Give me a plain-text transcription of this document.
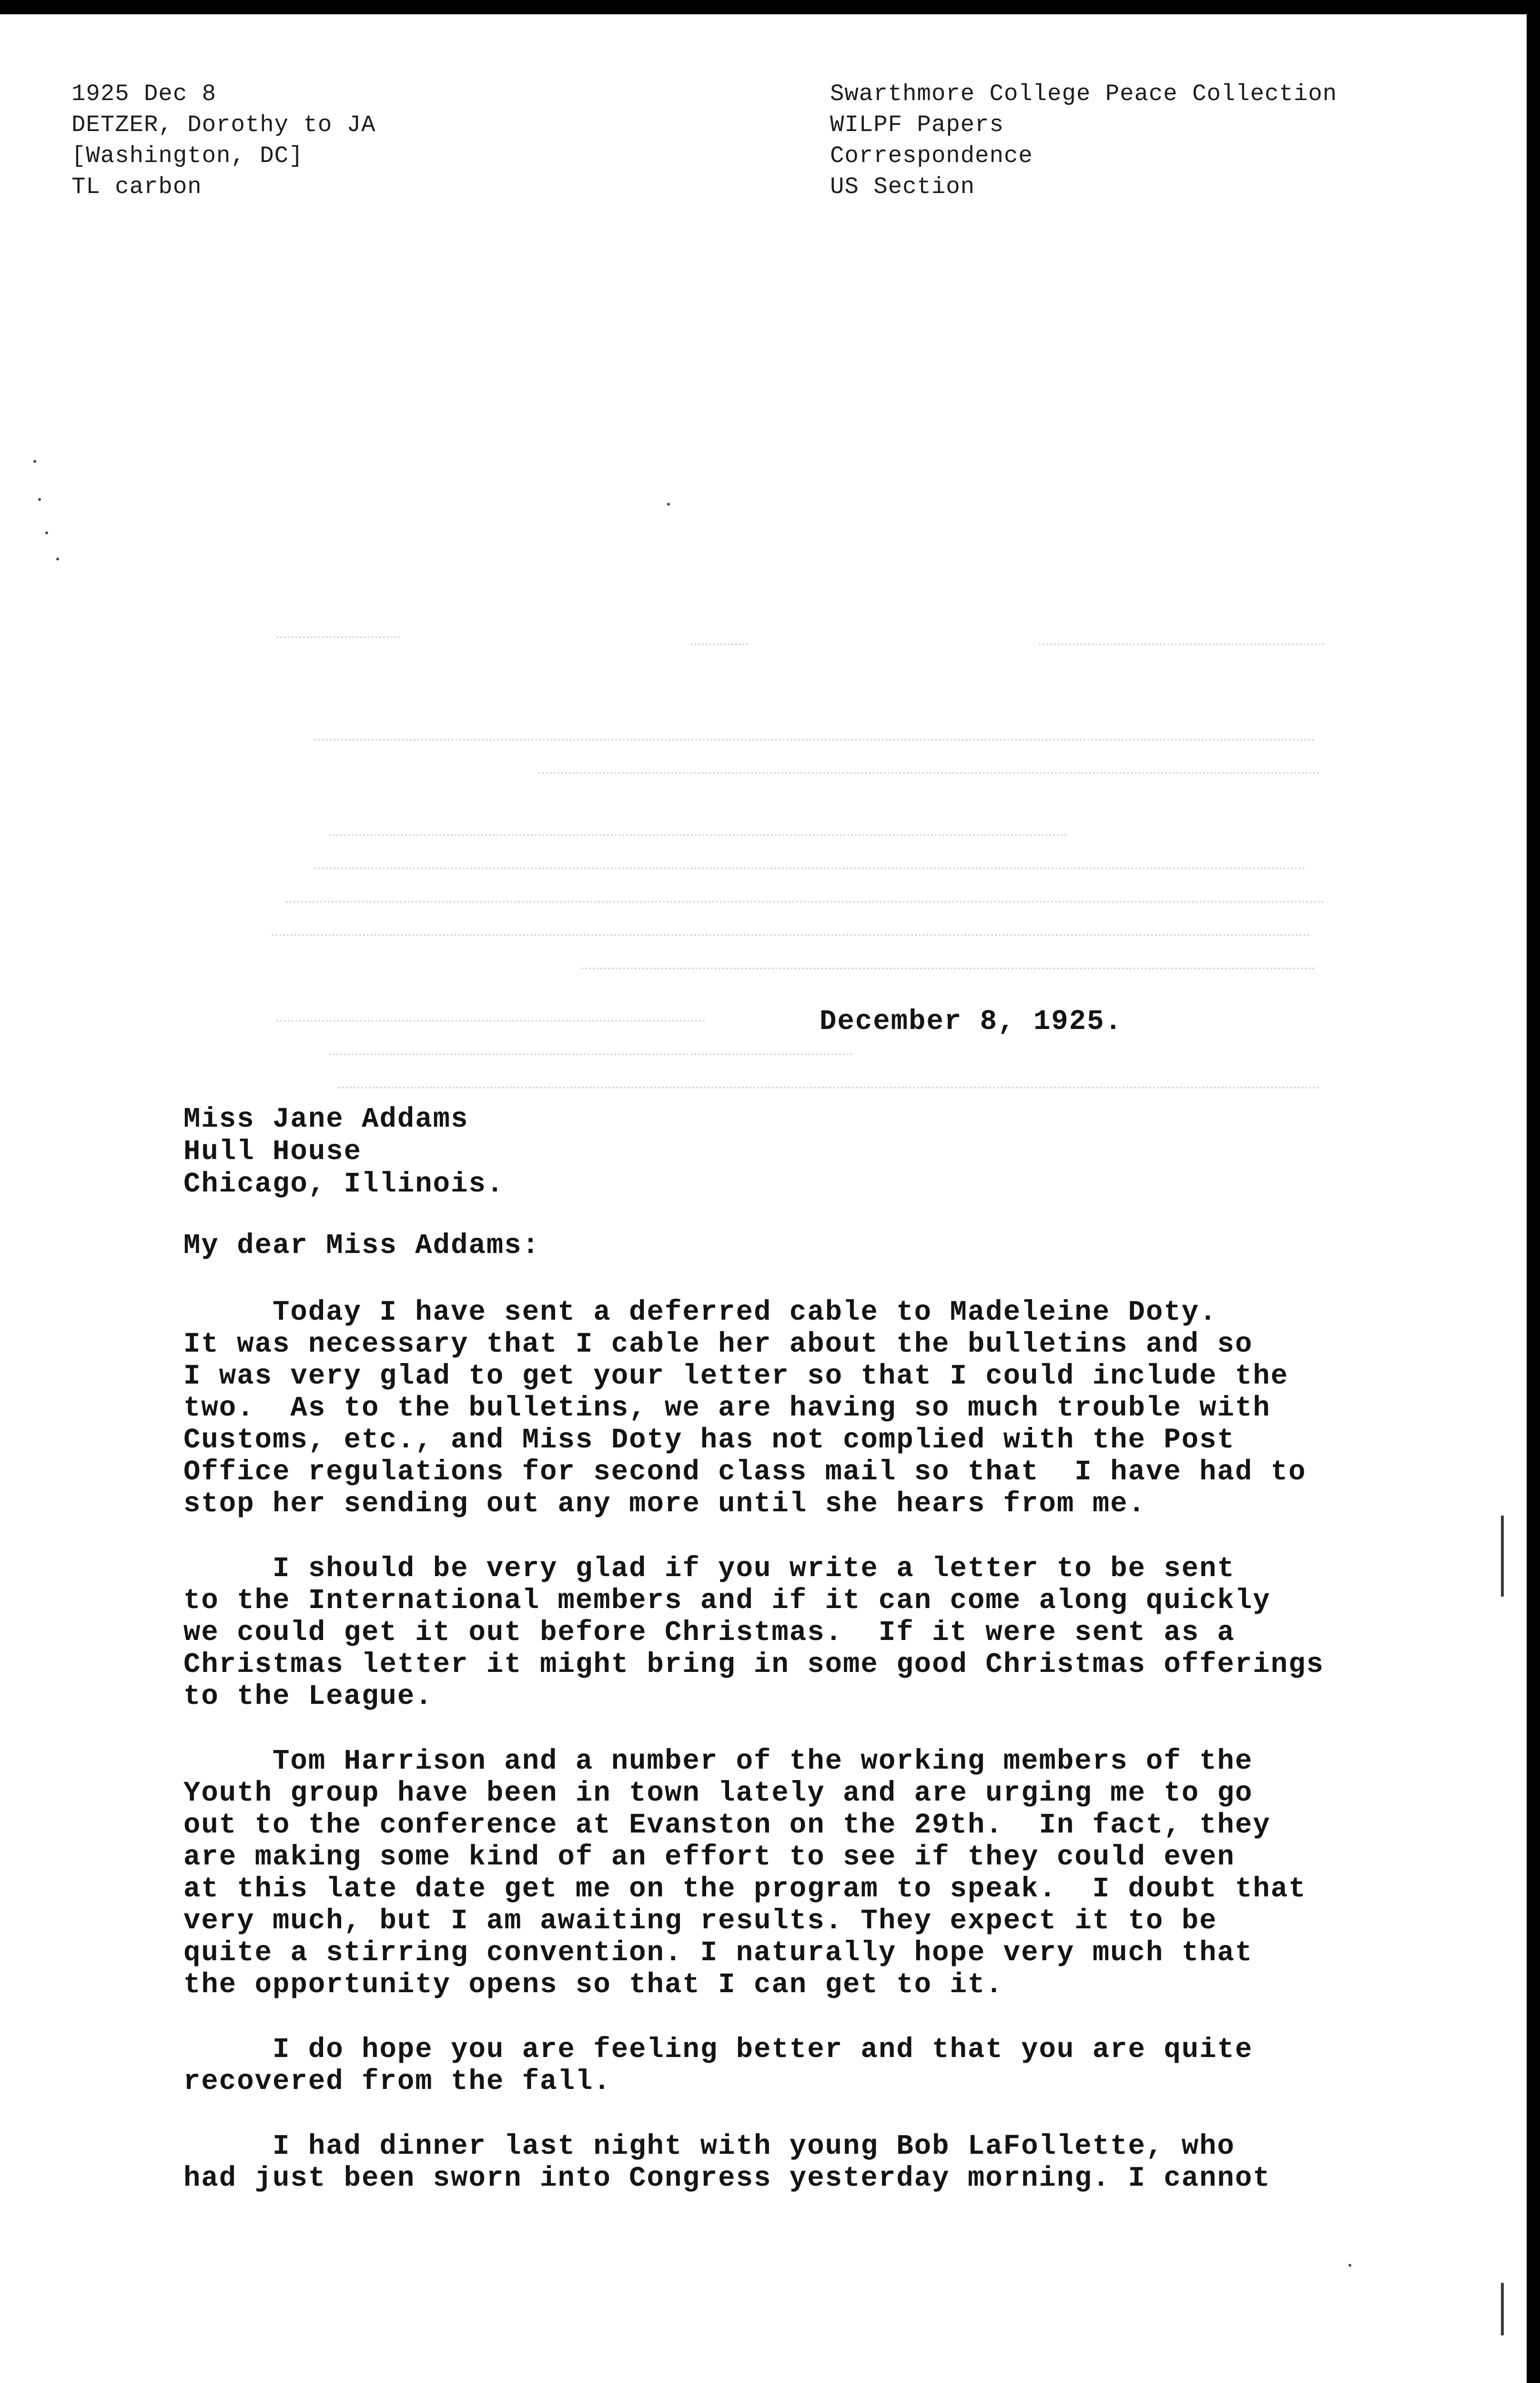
1925 Dec 8
DETZER, Dorothy to JA
[Washington, DC]
TL carbon
Swarthmore College Peace Collection
WILPF Papers
Correspondence
US Section
December 8, 1925.
Miss Jane Addams
Hull House
Chicago, Illinois.
My dear Miss Addams:
Today I have sent a deferred cable to Madeleine Doty.
It was necessary that I cable her about the bulletins and so
I was very glad to get your letter so that I could include the
two.  As to the bulletins, we are having so much trouble with
Customs, etc., and Miss Doty has not complied with the Post
Office regulations for second class mail so that  I have had to
stop her sending out any more until she hears from me.
I should be very glad if you write a letter to be sent
to the International members and if it can come along quickly
we could get it out before Christmas.  If it were sent as a
Christmas letter it might bring in some good Christmas offerings
to the League.
Tom Harrison and a number of the working members of the
Youth group have been in town lately and are urging me to go
out to the conference at Evanston on the 29th.  In fact, they
are making some kind of an effort to see if they could even
at this late date get me on the program to speak.  I doubt that
very much, but I am awaiting results. They expect it to be
quite a stirring convention. I naturally hope very much that
the opportunity opens so that I can get to it.
I do hope you are feeling better and that you are quite
recovered from the fall.
I had dinner last night with young Bob LaFollette, who
had just been sworn into Congress yesterday morning. I cannot
